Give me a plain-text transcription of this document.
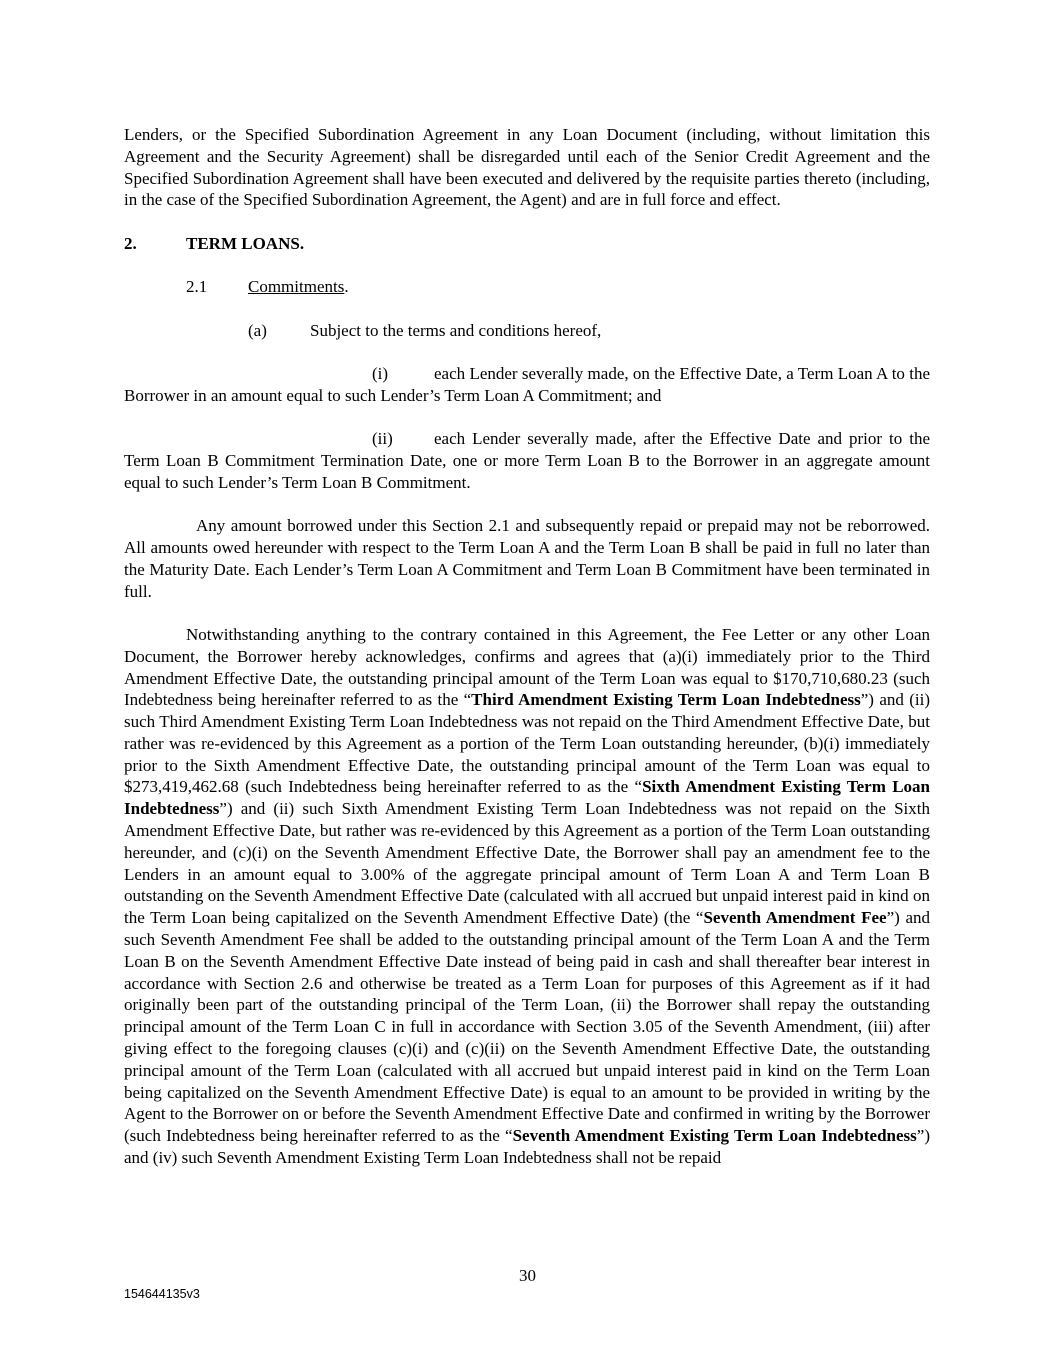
Lenders, or the Specified Subordination Agreement in any Loan Document (including, without limitation this Agreement and the Security Agreement) shall be disregarded until each of the Senior Credit Agreement and the Specified Subordination Agreement shall have been executed and delivered by the requisite parties thereto (including, in the case of the Specified Subordination Agreement, the Agent) and are in full force and effect.

2.	TERM LOANS.
2.1 Commitments.
(a)	Subject to the terms and conditions hereof,

(i)	each Lender severally made, on the Effective Date, a Term Loan A to the Borrower in an amount equal to such Lender’s Term Loan A Commitment; and

(ii) each Lender severally made, after the Effective Date and prior to the Term Loan B Commitment Termination Date, one or more Term Loan B to the Borrower in an aggregate amount equal to such Lender’s Term Loan B Commitment.

Any amount borrowed under this Section 2.1 and subsequently repaid or prepaid may not be reborrowed. All amounts owed hereunder with respect to the Term Loan A and the Term Loan B shall be paid in full no later than the Maturity Date. Each Lender’s Term Loan A Commitment and Term Loan B Commitment have been terminated in full.

Notwithstanding anything to the contrary contained in this Agreement, the Fee Letter or any other Loan Document, the Borrower hereby acknowledges, confirms and agrees that (a)(i) immediately prior to the Third Amendment Effective Date, the outstanding principal amount of the Term Loan was equal to $170,710,680.23 (such Indebtedness being hereinafter referred to as the “Third Amendment Existing Term Loan Indebtedness”) and (ii) such Third Amendment Existing Term Loan Indebtedness was not repaid on the Third Amendment Effective Date, but rather was re-evidenced by this Agreement as a portion of the Term Loan outstanding hereunder, (b)(i) immediately prior to the Sixth Amendment Effective Date, the outstanding principal amount of the Term Loan was equal to $273,419,462.68 (such Indebtedness being hereinafter referred to as the “Sixth Amendment Existing Term Loan Indebtedness”) and (ii) such Sixth Amendment Existing Term Loan Indebtedness was not repaid on the Sixth Amendment Effective Date, but rather was re-evidenced by this Agreement as a portion of the Term Loan outstanding hereunder, and (c)(i) on the Seventh Amendment Effective Date, the Borrower shall pay an amendment fee to the Lenders in an amount equal to 3.00% of the aggregate principal amount of Term Loan A and Term Loan B outstanding on the Seventh Amendment Effective Date (calculated with all accrued but unpaid interest paid in kind on the Term Loan being capitalized on the Seventh Amendment Effective Date) (the “Seventh Amendment Fee”) and such Seventh Amendment Fee shall be added to the outstanding principal amount of the Term Loan A and the Term Loan B on the Seventh Amendment Effective Date instead of being paid in cash and shall thereafter bear interest in accordance with Section 2.6 and otherwise be treated as a Term Loan for purposes of this Agreement as if it had originally been part of the outstanding principal of the Term Loan, (ii) the Borrower shall repay the outstanding principal amount of the Term Loan C in full in accordance with Section 3.05 of the Seventh Amendment, (iii) after giving effect to the foregoing clauses (c)(i) and (c)(ii) on the Seventh Amendment Effective Date, the outstanding principal amount of the Term Loan (calculated with all accrued but unpaid interest paid in kind on the Term Loan being capitalized on the Seventh Amendment Effective Date) is equal to an amount to be provided in writing by the Agent to the Borrower on or before the Seventh Amendment Effective Date and confirmed in writing by the Borrower (such Indebtedness being hereinafter referred to as the “Seventh Amendment Existing Term Loan Indebtedness”) and (iv) such Seventh Amendment Existing Term Loan Indebtedness shall not be repaid

30
154644135v3
